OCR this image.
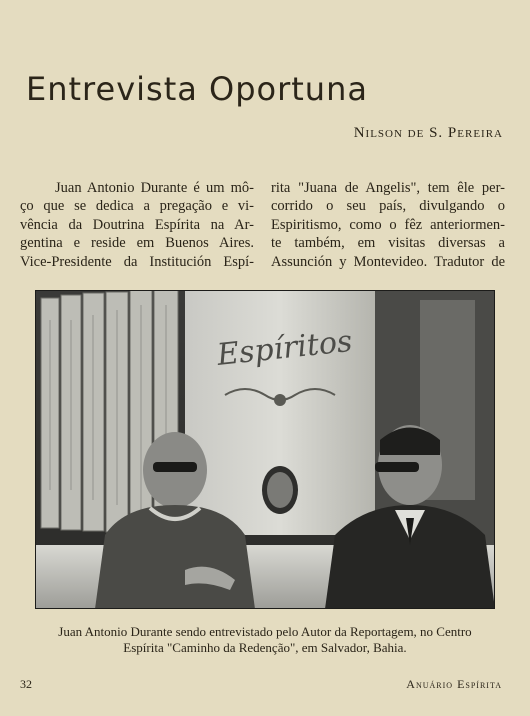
Entrevista Oportuna
Nilson de S. Pereira
Juan Antonio Durante é um mô-
ço que se dedica a pregação e vi-
vência da Doutrina Espírita na Ar-
gentina e reside em Buenos Aires.
Vice-Presidente da Institución Espí-
rita "Juana de Angelis", tem êle per-
corrido o seu país, divulgando o
Espiritismo, como o fêz anteriormen-
te também, em visitas diversas a
Assunción y Montevideo. Tradutor de
Espíritos
Juan Antonio Durante sendo entrevistado pelo Autor da Reportagem, no Centro
Espírita "Caminho da Redenção", em Salvador, Bahia.
32	Anuário Espírita
